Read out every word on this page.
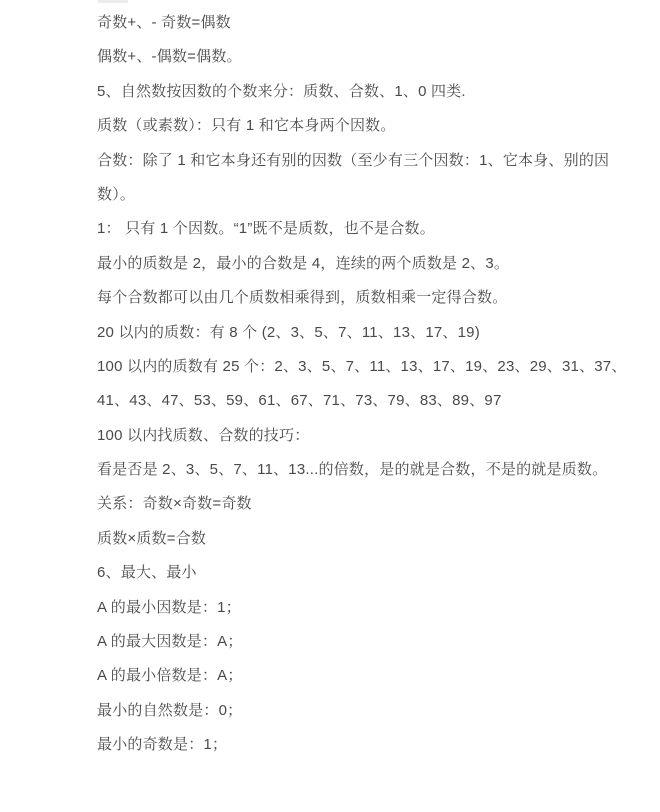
奇数+、- 奇数=偶数
偶数+、-偶数=偶数。
5、自然数按因数的个数来分：质数、合数、1、0 四类.
质数（或素数）：只有 1 和它本身两个因数。
合数：除了 1 和它本身还有别的因数（至少有三个因数：1、它本身、别的因
数）。
1： 只有 1 个因数。“1”既不是质数，也不是合数。
最小的质数是 2，最小的合数是 4，连续的两个质数是 2、3。
每个合数都可以由几个质数相乘得到，质数相乘一定得合数。
20 以内的质数：有 8 个 (2、3、5、7、11、13、17、19)
100 以内的质数有 25 个：2、3、5、7、11、13、17、19、23、29、31、37、
41、43、47、53、59、61、67、71、73、79、83、89、97
100 以内找质数、合数的技巧：
看是否是 2、3、5、7、11、13...的倍数，是的就是合数，不是的就是质数。
关系：奇数×奇数=奇数
质数×质数=合数
6、最大、最小
A 的最小因数是：1；
A 的最大因数是：A；
A 的最小倍数是：A；
最小的自然数是：0；
最小的奇数是：1；
